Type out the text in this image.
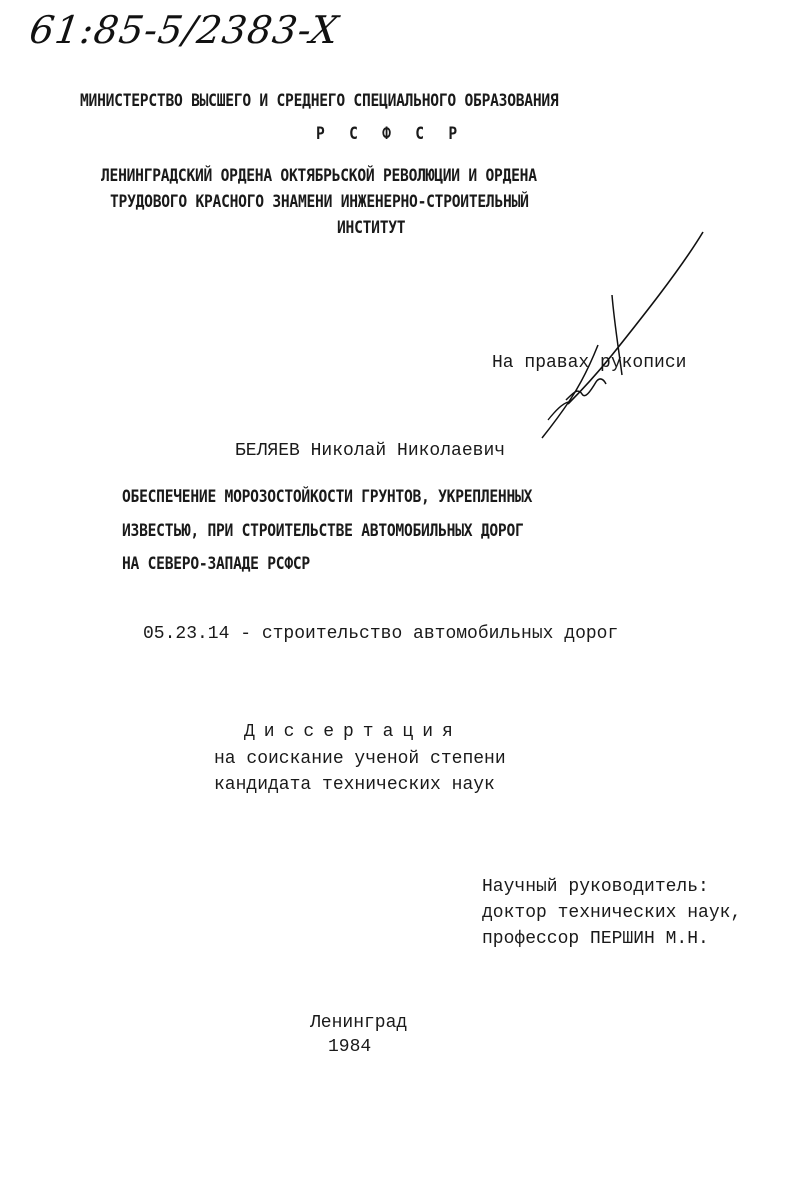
61:85-5/2383-X
МИНИСТЕРСТВО ВЫСШЕГО И СРЕДНЕГО СПЕЦИАЛЬНОГО ОБРАЗОВАНИЯ
Р С Ф С Р
ЛЕНИНГРАДСКИЙ ОРДЕНА ОКТЯБРЬСКОЙ РЕВОЛЮЦИИ И ОРДЕНА
ТРУДОВОГО КРАСНОГО ЗНАМЕНИ ИНЖЕНЕРНО-СТРОИТЕЛЬНЫЙ
ИНСТИТУТ
На правах рукописи
БЕЛЯЕВ Николай Николаевич
ОБЕСПЕЧЕНИЕ МОРОЗОСТОЙКОСТИ ГРУНТОВ, УКРЕПЛЕННЫХ
ИЗВЕСТЬЮ, ПРИ СТРОИТЕЛЬСТВЕ АВТОМОБИЛЬНЫХ ДОРОГ
НА СЕВЕРО-ЗАПАДЕ РСФСР
05.23.14 - строительство автомобильных дорог
Диссертация
на соискание ученой степени
кандидата технических наук
Научный руководитель:
доктор технических наук,
профессор ПЕРШИН М.Н.
Ленинград
1984
